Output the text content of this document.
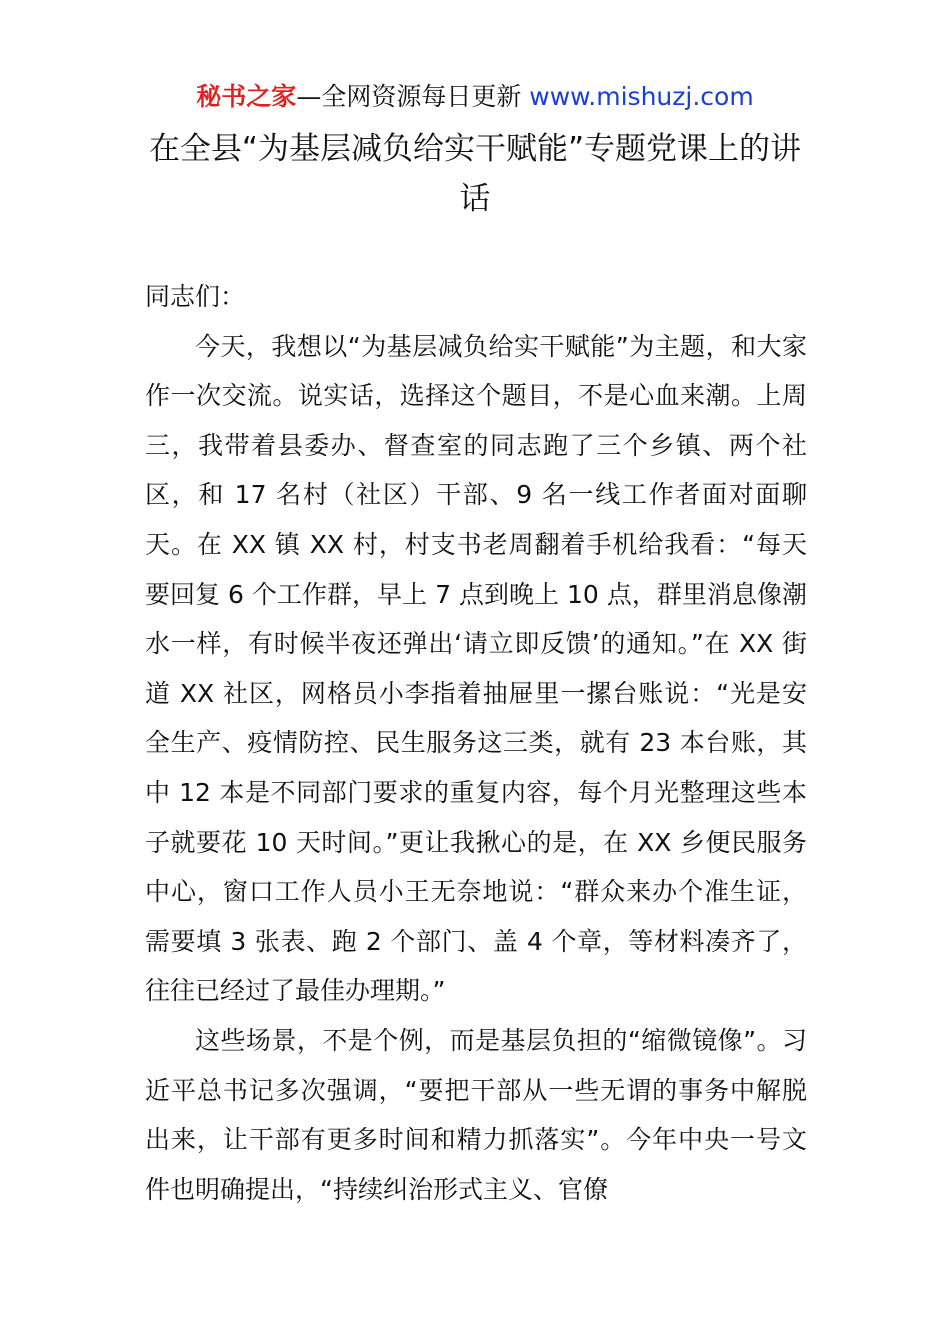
秘书之家—全网资源每日更新 www.mishuzj.com
在全县“为基层减负给实干赋能”专题党课上的讲话

同志们：

今天，我想以“为基层减负给实干赋能”为主题，和大家作一次交流。说实话，选择这个题目，不是心血来潮。上周三，我带着县委办、督查室的同志跑了三个乡镇、两个社区，和 17 名村（社区）干部、9 名一线工作者面对面聊天。在 XX 镇 XX 村，村支书老周翻着手机给我看：“每天要回复 6 个工作群，早上 7 点到晚上 10 点，群里消息像潮水一样，有时候半夜还弹出‘请立即反馈’的通知。”在 XX 街道 XX 社区，网格员小李指着抽屉里一摞台账说：“光是安全生产、疫情防控、民生服务这三类，就有 23 本台账，其中 12 本是不同部门要求的重复内容，每个月光整理这些本子就要花 10 天时间。”更让我揪心的是，在 XX 乡便民服务中心，窗口工作人员小王无奈地说：“群众来办个准生证，需要填 3 张表、跑 2 个部门、盖 4 个章，等材料凑齐了，往往已经过了最佳办理期。”

这些场景，不是个例，而是基层负担的“缩微镜像”。习近平总书记多次强调，“要把干部从一些无谓的事务中解脱出来，让干部有更多时间和精力抓落实”。今年中央一号文件也明确提出，“持续纠治形式主义、官僚
